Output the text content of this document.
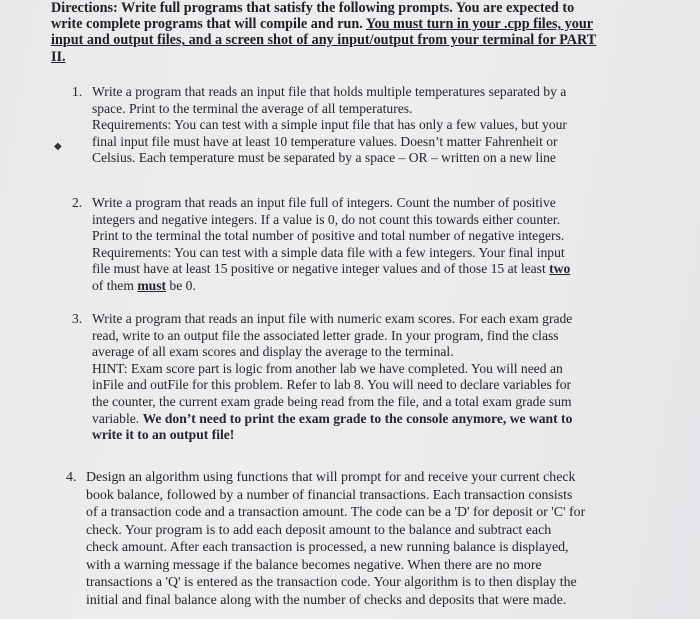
Directions: Write full programs that satisfy the following prompts. You are expected to
write complete programs that will compile and run. You must turn in your .cpp files, your
input and output files, and a screen shot of any input/output from your terminal for PART
II.
◆
1. Write a program that reads an input file that holds multiple temperatures separated by a
space. Print to the terminal the average of all temperatures.
Requirements: You can test with a simple input file that has only a few values, but your
final input file must have at least 10 temperature values. Doesn’t matter Fahrenheit or
Celsius. Each temperature must be separated by a space – OR – written on a new line
2. Write a program that reads an input file full of integers. Count the number of positive
integers and negative integers. If a value is 0, do not count this towards either counter.
Print to the terminal the total number of positive and total number of negative integers.
Requirements: You can test with a simple data file with a few integers. Your final input
file must have at least 15 positive or negative integer values and of those 15 at least two
of them must be 0.
3. Write a program that reads an input file with numeric exam scores. For each exam grade
read, write to an output file the associated letter grade. In your program, find the class
average of all exam scores and display the average to the terminal.
HINT: Exam score part is logic from another lab we have completed. You will need an
inFile and outFile for this problem. Refer to lab 8. You will need to declare variables for
the counter, the current exam grade being read from the file, and a total exam grade sum
variable. We don’t need to print the exam grade to the console anymore, we want to
write it to an output file!
4. Design an algorithm using functions that will prompt for and receive your current check
book balance, followed by a number of financial transactions. Each transaction consists
of a transaction code and a transaction amount. The code can be a 'D' for deposit or 'C' for
check. Your program is to add each deposit amount to the balance and subtract each
check amount. After each transaction is processed, a new running balance is displayed,
with a warning message if the balance becomes negative. When there are no more
transactions a 'Q' is entered as the transaction code. Your algorithm is to then display the
initial and final balance along with the number of checks and deposits that were made.
